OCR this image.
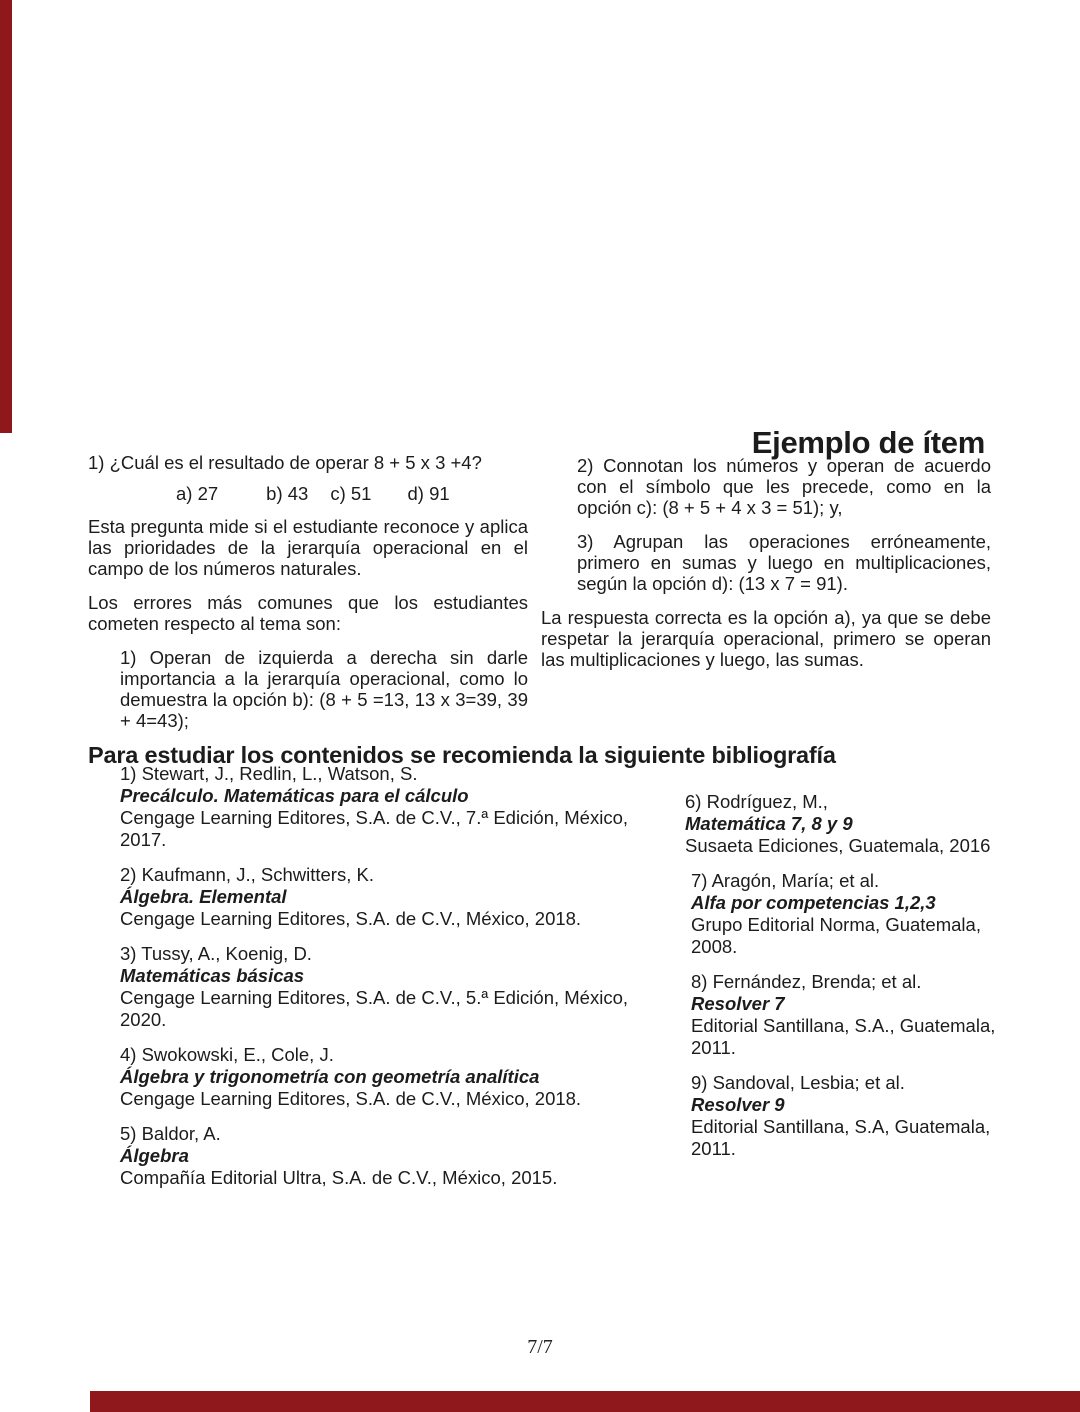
Ejemplo de ítem

1) ¿Cuál es el resultado de operar 8 + 5 x 3 +4?

a) 27	b) 43 c) 51 d) 91

Esta pregunta mide si el estudiante reconoce y aplica las prioridades de la jerarquía operacional en el campo de los números naturales.

Los errores más comunes que los estudiantes cometen respecto al tema son:

1) Operan de izquierda a derecha sin darle importancia a la jerarquía operacional, como lo demuestra la opción b): (8 + 5 =13, 13 x 3=39, 39 + 4=43);

2) Connotan los números y operan de acuerdo con el símbolo que les precede, como en la opción c): (8 + 5 + 4 x 3 = 51); y,

3) Agrupan las operaciones erróneamente, primero en sumas y luego en multiplicaciones, según la opción d): (13 x 7 = 91).

La respuesta correcta es la opción a), ya que se debe respetar la jerarquía operacional, primero se operan las multiplicaciones y luego, las sumas.

Para estudiar los contenidos se recomienda la siguiente bibliografía
1) Stewart, J., Redlin, L., Watson, S.
Precálculo. Matemáticas para el cálculo
Cengage Learning Editores, S.A. de C.V., 7.ª Edición, México, 2017.
2) Kaufmann, J., Schwitters, K.
Álgebra. Elemental
Cengage Learning Editores, S.A. de C.V., México, 2018.
3) Tussy, A., Koenig, D.
Matemáticas básicas
Cengage Learning Editores, S.A. de C.V., 5.ª Edición, México, 2020.
4) Swokowski, E., Cole, J.
Álgebra y trigonometría con geometría analítica
Cengage Learning Editores, S.A. de C.V., México, 2018.
5) Baldor, A.
Álgebra
Compañía Editorial Ultra, S.A. de C.V., México, 2015.
6) Rodríguez, M.,
Matemática 7, 8 y 9
Susaeta Ediciones, Guatemala, 2016
7) Aragón, María; et al.
Alfa por competencias 1,2,3
Grupo Editorial Norma, Guatemala, 2008.
8) Fernández, Brenda; et al.
Resolver 7
Editorial Santillana, S.A., Guatemala, 2011.
9) Sandoval, Lesbia; et al.
Resolver 9
Editorial Santillana, S.A, Guatemala, 2011.
7/7
